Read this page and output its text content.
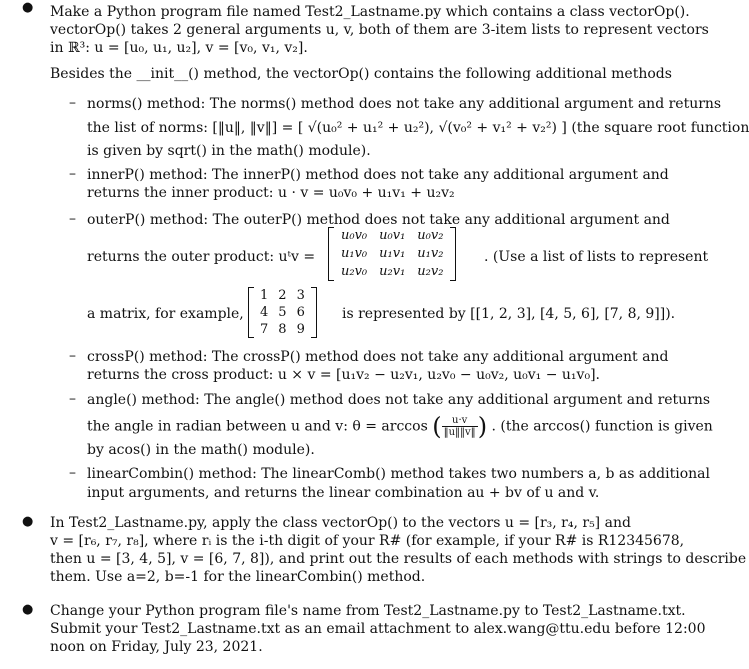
● Make a Python program file named Test2_Lastname.py which contains a class vectorOp().
vectorOp() takes 2 general arguments u, v, both of them are 3-item lists to represent vectors
in ℝ³: u = [u₀, u₁, u₂], v = [v₀, v₁, v₂].
Besides the __init__() method, the vectorOp() contains the following additional methods
– norms() method: The norms() method does not take any additional argument and returns
the list of norms: [‖u‖, ‖v‖] = [ √(u₀² + u₁² + u₂²), √(v₀² + v₁² + v₂²) ] (the square root function
is given by sqrt() in the math() module).
– innerP() method: The innerP() method does not take any additional argument and
returns the inner product: u · v = u₀v₀ + u₁v₁ + u₂v₂
– outerP() method: The outerP() method does not take any additional argument and
returns the outer product: uᵗv =
u₀v₀	u₀v₁	u₀v₂
u₁v₀	u₁v₁	u₁v₂
u₂v₀	u₂v₁	u₂v₂
. (Use a list of lists to represent
a matrix, for example,
1	2	3
4	5	6
7	8	9
is represented by [[1, 2, 3], [4, 5, 6], [7, 8, 9]]).
– crossP() method: The crossP() method does not take any additional argument and
returns the cross product: u × v = [u₁v₂ − u₂v₁, u₂v₀ − u₀v₂, u₀v₁ − u₁v₀].
– angle() method: The angle() method does not take any additional argument and returns
the angle in radian between u and v: θ = arccos ( $\frac{u\cdot v}{‖u‖‖v‖}$ ) . (the arccos() function is given
by acos() in the math() module).
– linearCombin() method: The linearComb() method takes two numbers a, b as additional
input arguments, and returns the linear combination au + bv of u and v.
● In Test2_Lastname.py, apply the class vectorOp() to the vectors u = [r₃, r₄, r₅] and
v = [r₆, r₇, r₈], where rᵢ is the i-th digit of your R# (for example, if your R# is R12345678,
then u = [3, 4, 5], v = [6, 7, 8]), and print out the results of each methods with strings to describe
them. Use a=2, b=-1 for the linearCombin() method.
● Change your Python program file's name from Test2_Lastname.py to Test2_Lastname.txt.
Submit your Test2_Lastname.txt as an email attachment to alex.wang@ttu.edu before 12:00
noon on Friday, July 23, 2021.
